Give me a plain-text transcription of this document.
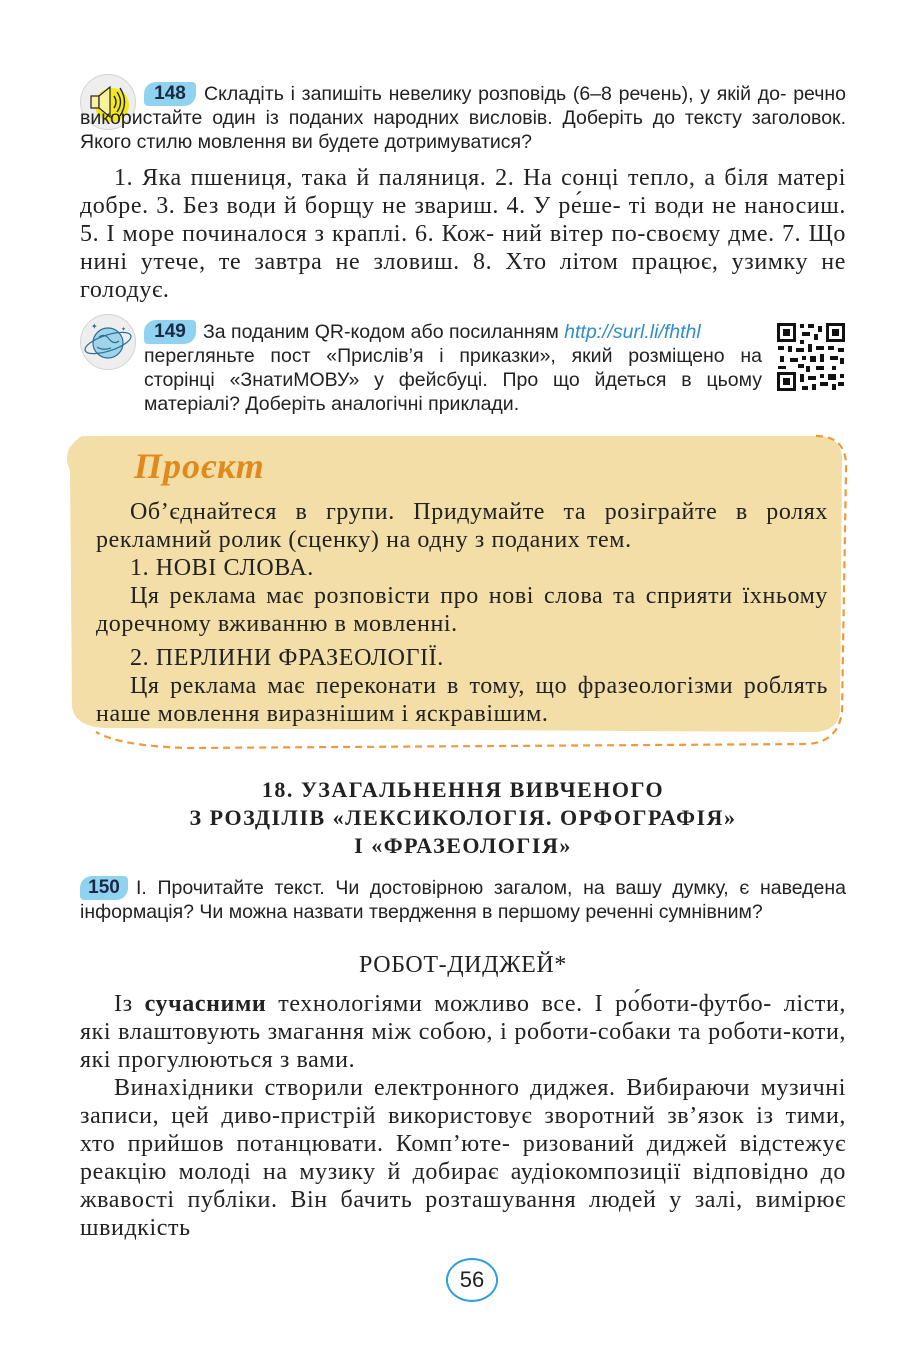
148 Складіть і запишіть невелику розповідь (6–8 речень), у якій до- речно використайте один із поданих народних висловів. Доберіть до тексту заголовок. Якого стилю мовлення ви будете дотримуватися?
1. Яка пшениця, така й паляниця. 2. На сонці тепло, а біля матері добре. 3. Без води й борщу не звариш. 4. У ре́ше- ті води не наносиш. 5. І море починалося з краплі. 6. Кож- ний вітер по-своєму дме. 7. Що нині утече, те завтра не зловиш. 8. Хто літом працює, узимку не голодує.
✦	✦	149 За поданим QR-кодом або посиланням http://surl.li/fhthl
перегляньте пост «Прислів’я і приказки», який розміщено на сторінці «ЗнатиМОВУ» у фейсбуці. Про що йдеться в цьому матеріалі? Доберіть аналогічні приклади.
Проєкт
Об’єднайтеся в групи. Придумайте та розіграйте в ролях рекламний ролик (сценку) на одну з поданих тем.
1. НОВІ СЛОВА.
Ця реклама має розповісти про нові слова та сприяти їхньому доречному вживанню в мовленні.
2. ПЕРЛИНИ ФРАЗЕОЛОГІЇ.
Ця реклама має переконати в тому, що фразеологізми роблять наше мовлення виразнішим і яскравішим.
18. УЗАГАЛЬНЕННЯ ВИВЧЕНОГО
З РОЗДІЛІВ «ЛЕКСИКОЛОГІЯ. ОРФОГРАФІЯ»
І «ФРАЗЕОЛОГІЯ»
150 І. Прочитайте текст. Чи достовірною загалом, на вашу думку, є наведена інформація? Чи можна назвати твердження в першому реченні сумнівним?
РОБОТ-ДИДЖЕЙ*
Із сучасними технологіями можливо все. І ро́боти-футбо- лісти, які влаштовують змагання між собою, і роботи-собаки та роботи-коти, які прогулюються з вами.
Винахідники створили електронного диджея. Вибираючи музичні записи, цей диво-пристрій використовує зворотний зв’язок із тими, хто прийшов потанцювати. Комп’юте- ризований диджей відстежує реакцію молоді на музику й добирає аудіокомпозиції відповідно до жвавості публіки. Він бачить розташування людей у залі, вимірює швидкість
56
